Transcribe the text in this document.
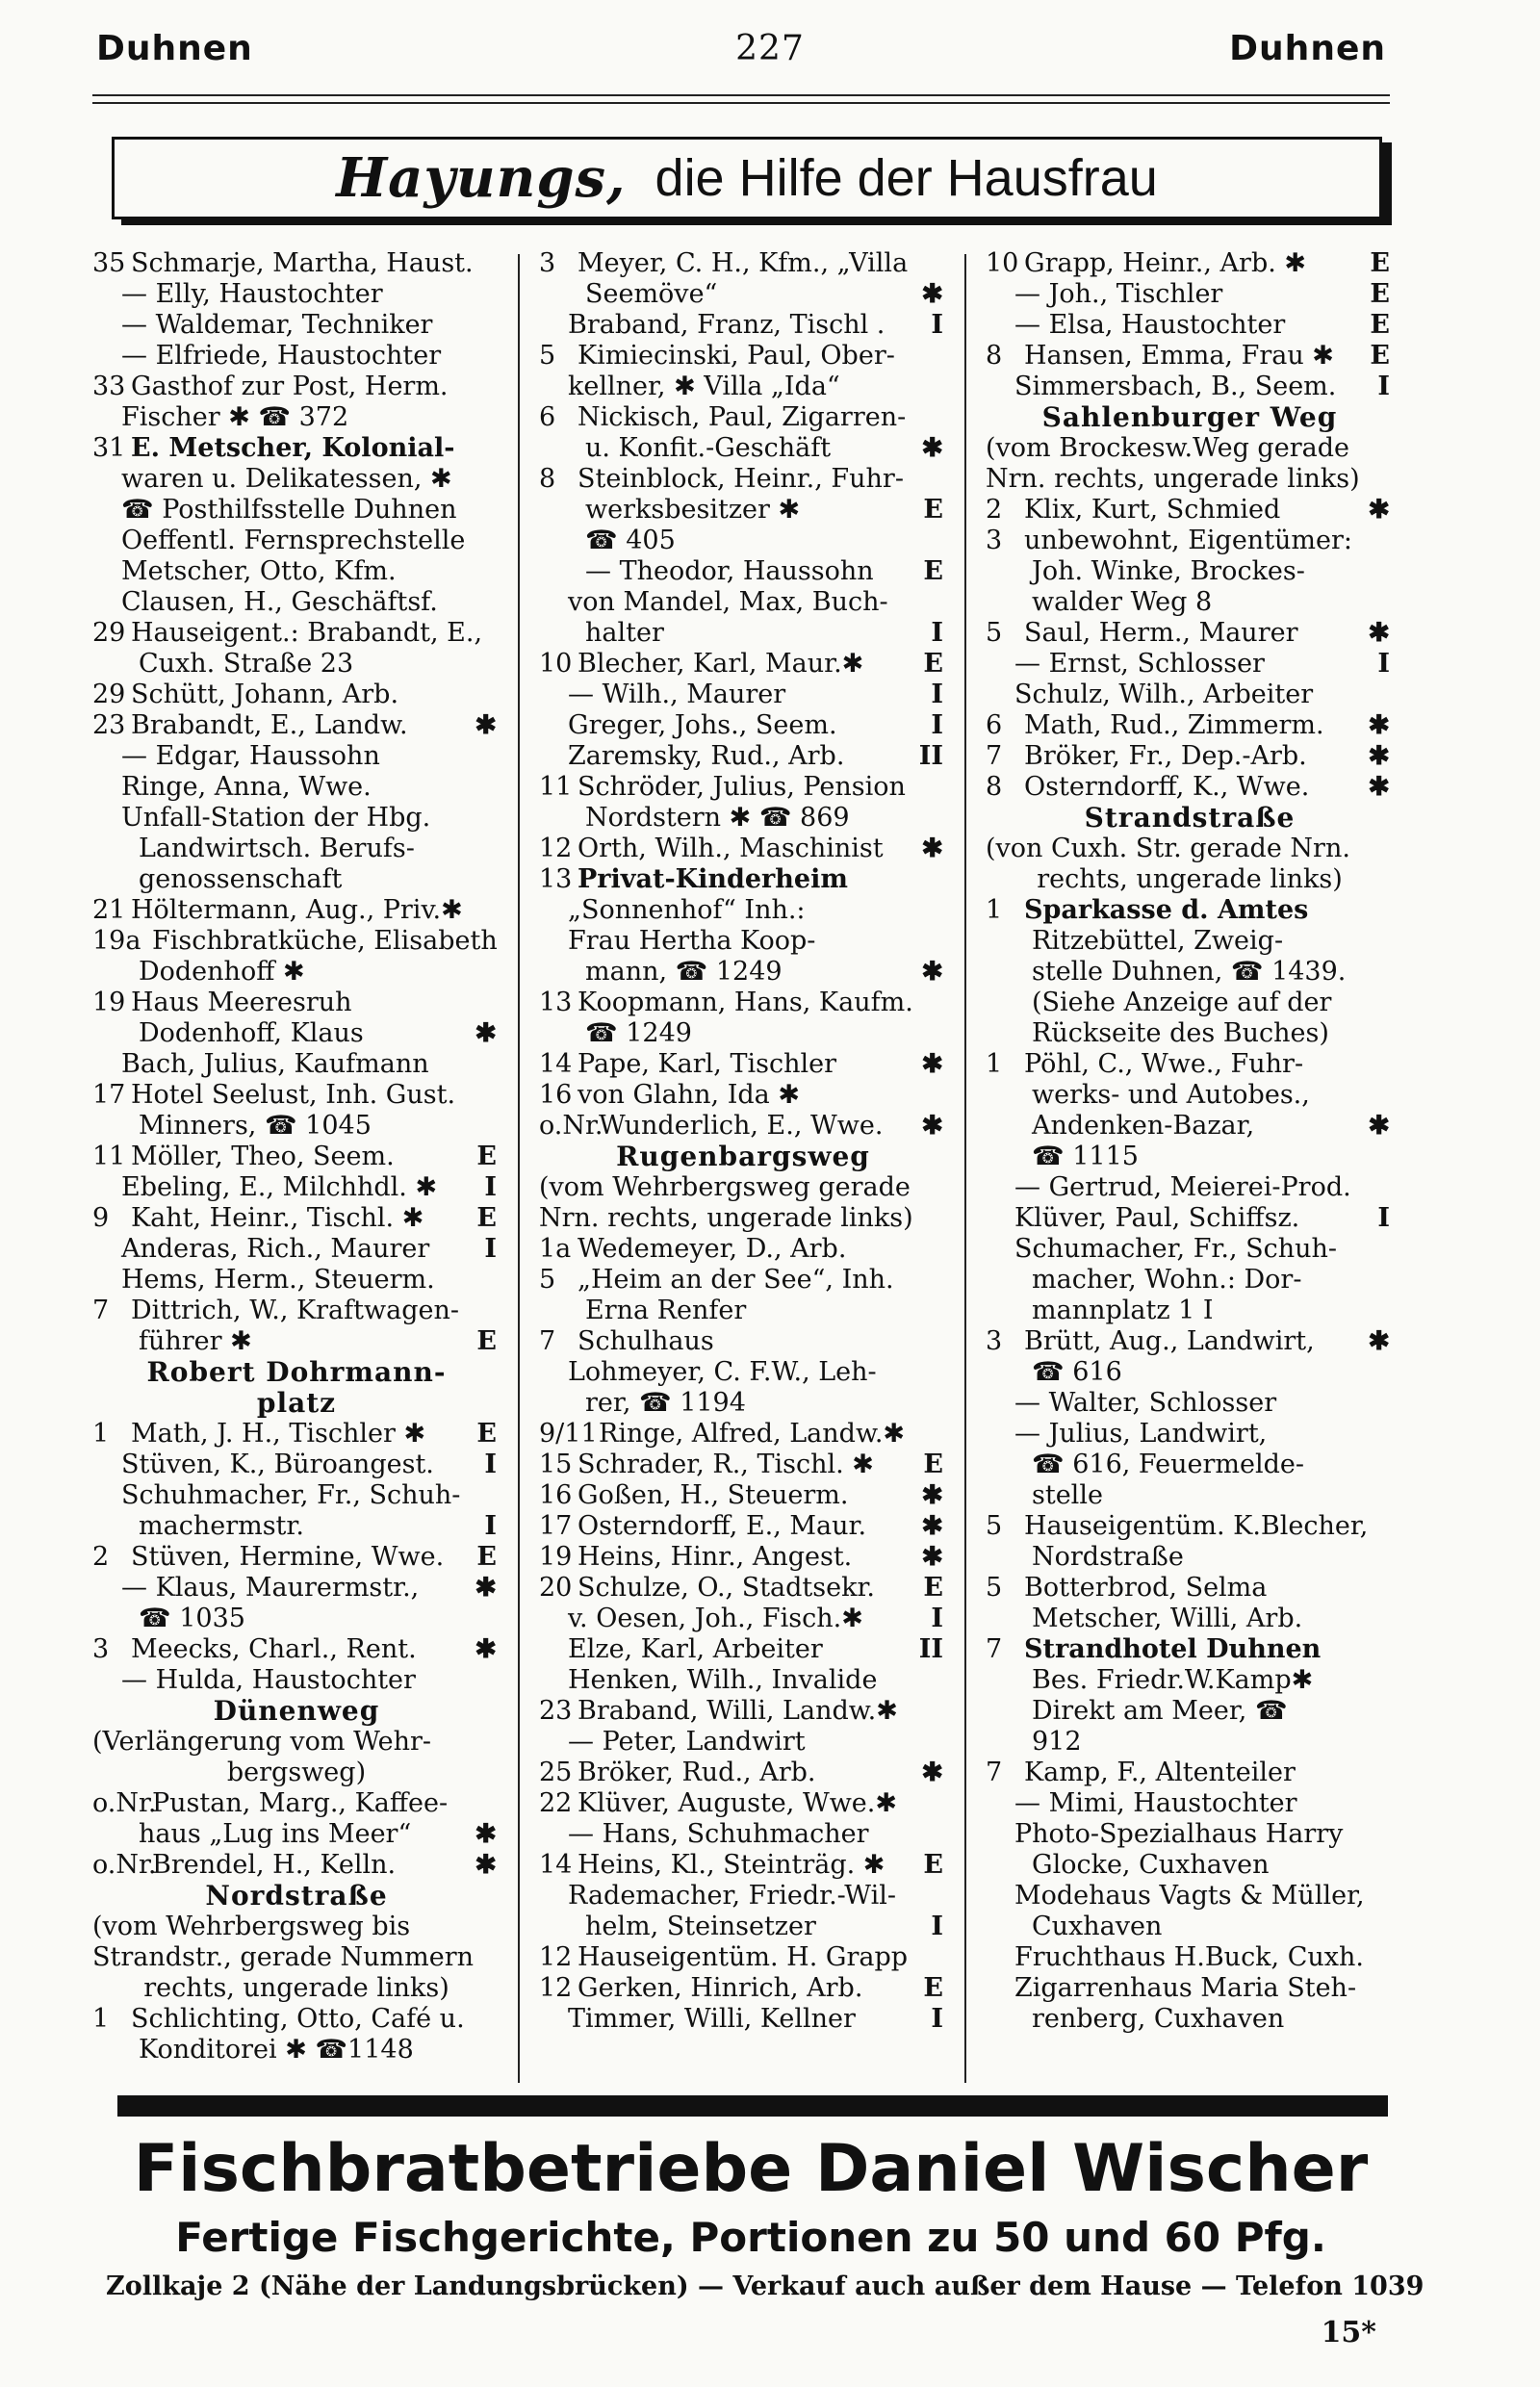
Duhnen	227	Duhnen
Hayungs, die Hilfe der Hausfrau
35 Schmarje, Martha, Haust.
— Elly, Haustochter
— Waldemar, Techniker
— Elfriede, Haustochter
33 Gasthof zur Post, Herm.
Fischer ✱ ☎ 372
31 E. Metscher, Kolonial-
waren u. Delikatessen, ✱
☎ Posthilfsstelle Duhnen
Oeffentl. Fernsprechstelle
Metscher, Otto, Kfm.
Clausen, H., Geschäftsf.
29 Hauseigent.: Brabandt, E.,
Cuxh. Straße 23
29 Schütt, Johann, Arb.
23 Brabandt, E., Landw.	✱
— Edgar, Haussohn
Ringe, Anna, Wwe.
Unfall-Station der Hbg.
Landwirtsch. Berufs-
genossenschaft
21 Höltermann, Aug., Priv.✱
19a Fischbratküche, Elisabeth
Dodenhoff ✱
19 Haus Meeresruh
Dodenhoff, Klaus	✱
Bach, Julius, Kaufmann
17 Hotel Seelust, Inh. Gust.
Minners, ☎ 1045
11 Möller, Theo, Seem.	E
Ebeling, E., Milchhdl. ✱	I
9 Kaht, Heinr., Tischl. ✱	E
Anderas, Rich., Maurer	I
Hems, Herm., Steuerm.
7 Dittrich, W., Kraftwagen-
führer ✱	E
Robert Dohrmann-
platz
1 Math, J. H., Tischler ✱	E
Stüven, K., Büroangest.	I
Schuhmacher, Fr., Schuh-
machermstr.	I
2 Stüven, Hermine, Wwe.	E
— Klaus, Maurermstr.,	✱
☎ 1035
3 Meecks, Charl., Rent.	✱
— Hulda, Haustochter
Dünenweg
(Verlängerung vom Wehr-
bergsweg)
o.Nr.
Pustan, Marg., Kaffee-
haus „Lug ins Meer“	✱
o.Nr.
Brendel, H., Kelln.	✱
Nordstraße
(vom Wehrbergsweg bis
Strandstr., gerade Nummern
rechts, ungerade links)
1 Schlichting, Otto, Café u.
Konditorei ✱ ☎1148
3 Meyer, C. H., Kfm., „Villa
Seemöve“	✱
Braband, Franz, Tischl .	I
5 Kimiecinski, Paul, Ober-
kellner, ✱ Villa „Ida“
6 Nickisch, Paul, Zigarren-
u. Konfit.-Geschäft	✱
8 Steinblock, Heinr., Fuhr-
werksbesitzer ✱	E
☎ 405
— Theodor, Haussohn	E
von Mandel, Max, Buch-
halter	I
10 Blecher, Karl, Maur.✱	E
— Wilh., Maurer	I
Greger, Johs., Seem.	I
Zaremsky, Rud., Arb.	II
11 Schröder, Julius, Pension
Nordstern ✱ ☎ 869
12 Orth, Wilh., Maschinist	✱
13 Privat-Kinderheim
„Sonnenhof“ Inh.:
Frau Hertha Koop-
mann, ☎ 1249	✱
13 Koopmann, Hans, Kaufm.
☎ 1249
14 Pape, Karl, Tischler	✱
16 von Glahn, Ida ✱
o.Nr.
Wunderlich, E., Wwe.	✱
Rugenbargsweg
(vom Wehrbergsweg gerade
Nrn. rechts, ungerade links)
1a Wedemeyer, D., Arb.
5 „Heim an der See“, Inh.
Erna Renfer
7 Schulhaus
Lohmeyer, C. F.W., Leh-
rer, ☎ 1194
9/11 Ringe, Alfred, Landw.✱
15 Schrader, R., Tischl. ✱	E
16 Goßen, H., Steuerm.	✱
17 Osterndorff, E., Maur.	✱
19 Heins, Hinr., Angest.	✱
20 Schulze, O., Stadtsekr.	E
v. Oesen, Joh., Fisch.✱	I
Elze, Karl, Arbeiter	II
Henken, Wilh., Invalide
23 Braband, Willi, Landw.✱
— Peter, Landwirt
25 Bröker, Rud., Arb.	✱
22 Klüver, Auguste, Wwe.✱
— Hans, Schuhmacher
14 Heins, Kl., Steinträg. ✱	E
Rademacher, Friedr.-Wil-
helm, Steinsetzer	I
12 Hauseigentüm. H. Grapp
12 Gerken, Hinrich, Arb.	E
Timmer, Willi, Kellner	I
10 Grapp, Heinr., Arb. ✱	E
— Joh., Tischler	E
— Elsa, Haustochter	E
8 Hansen, Emma, Frau ✱	E
Simmersbach, B., Seem.	I
Sahlenburger Weg
(vom Brockesw.Weg gerade
Nrn. rechts, ungerade links)
2 Klix, Kurt, Schmied	✱
3 unbewohnt, Eigentümer:
Joh. Winke, Brockes-
walder Weg 8
5 Saul, Herm., Maurer	✱
— Ernst, Schlosser	I
Schulz, Wilh., Arbeiter
6 Math, Rud., Zimmerm.	✱
7 Bröker, Fr., Dep.-Arb.	✱
8 Osterndorff, K., Wwe.	✱
Strandstraße
(von Cuxh. Str. gerade Nrn.
rechts, ungerade links)
1 Sparkasse d. Amtes
Ritzebüttel, Zweig-
stelle Duhnen, ☎ 1439.
(Siehe Anzeige auf der
Rückseite des Buches)
1 Pöhl, C., Wwe., Fuhr-
werks- und Autobes.,
Andenken-Bazar,	✱
☎ 1115
— Gertrud, Meierei-Prod.
Klüver, Paul, Schiffsz.	I
Schumacher, Fr., Schuh-
macher, Wohn.: Dor-
mannplatz 1 I
3 Brütt, Aug., Landwirt,	✱
☎ 616
— Walter, Schlosser
— Julius, Landwirt,
☎ 616, Feuermelde-
stelle
5 Hauseigentüm. K.Blecher,
Nordstraße
5 Botterbrod, Selma
Metscher, Willi, Arb.
7 Strandhotel Duhnen
Bes. Friedr.W.Kamp✱
Direkt am Meer, ☎
912
7 Kamp, F., Altenteiler
— Mimi, Haustochter
Photo-Spezialhaus Harry
Glocke, Cuxhaven
Modehaus Vagts & Müller,
Cuxhaven
Fruchthaus H.Buck, Cuxh.
Zigarrenhaus Maria Steh-
renberg, Cuxhaven
Fischbratbetriebe Daniel Wischer
Fertige Fischgerichte, Portionen zu 50 und 60 Pfg.
Zollkaje 2 (Nähe der Landungsbrücken) — Verkauf auch außer dem Hause — Telefon 1039
15*
